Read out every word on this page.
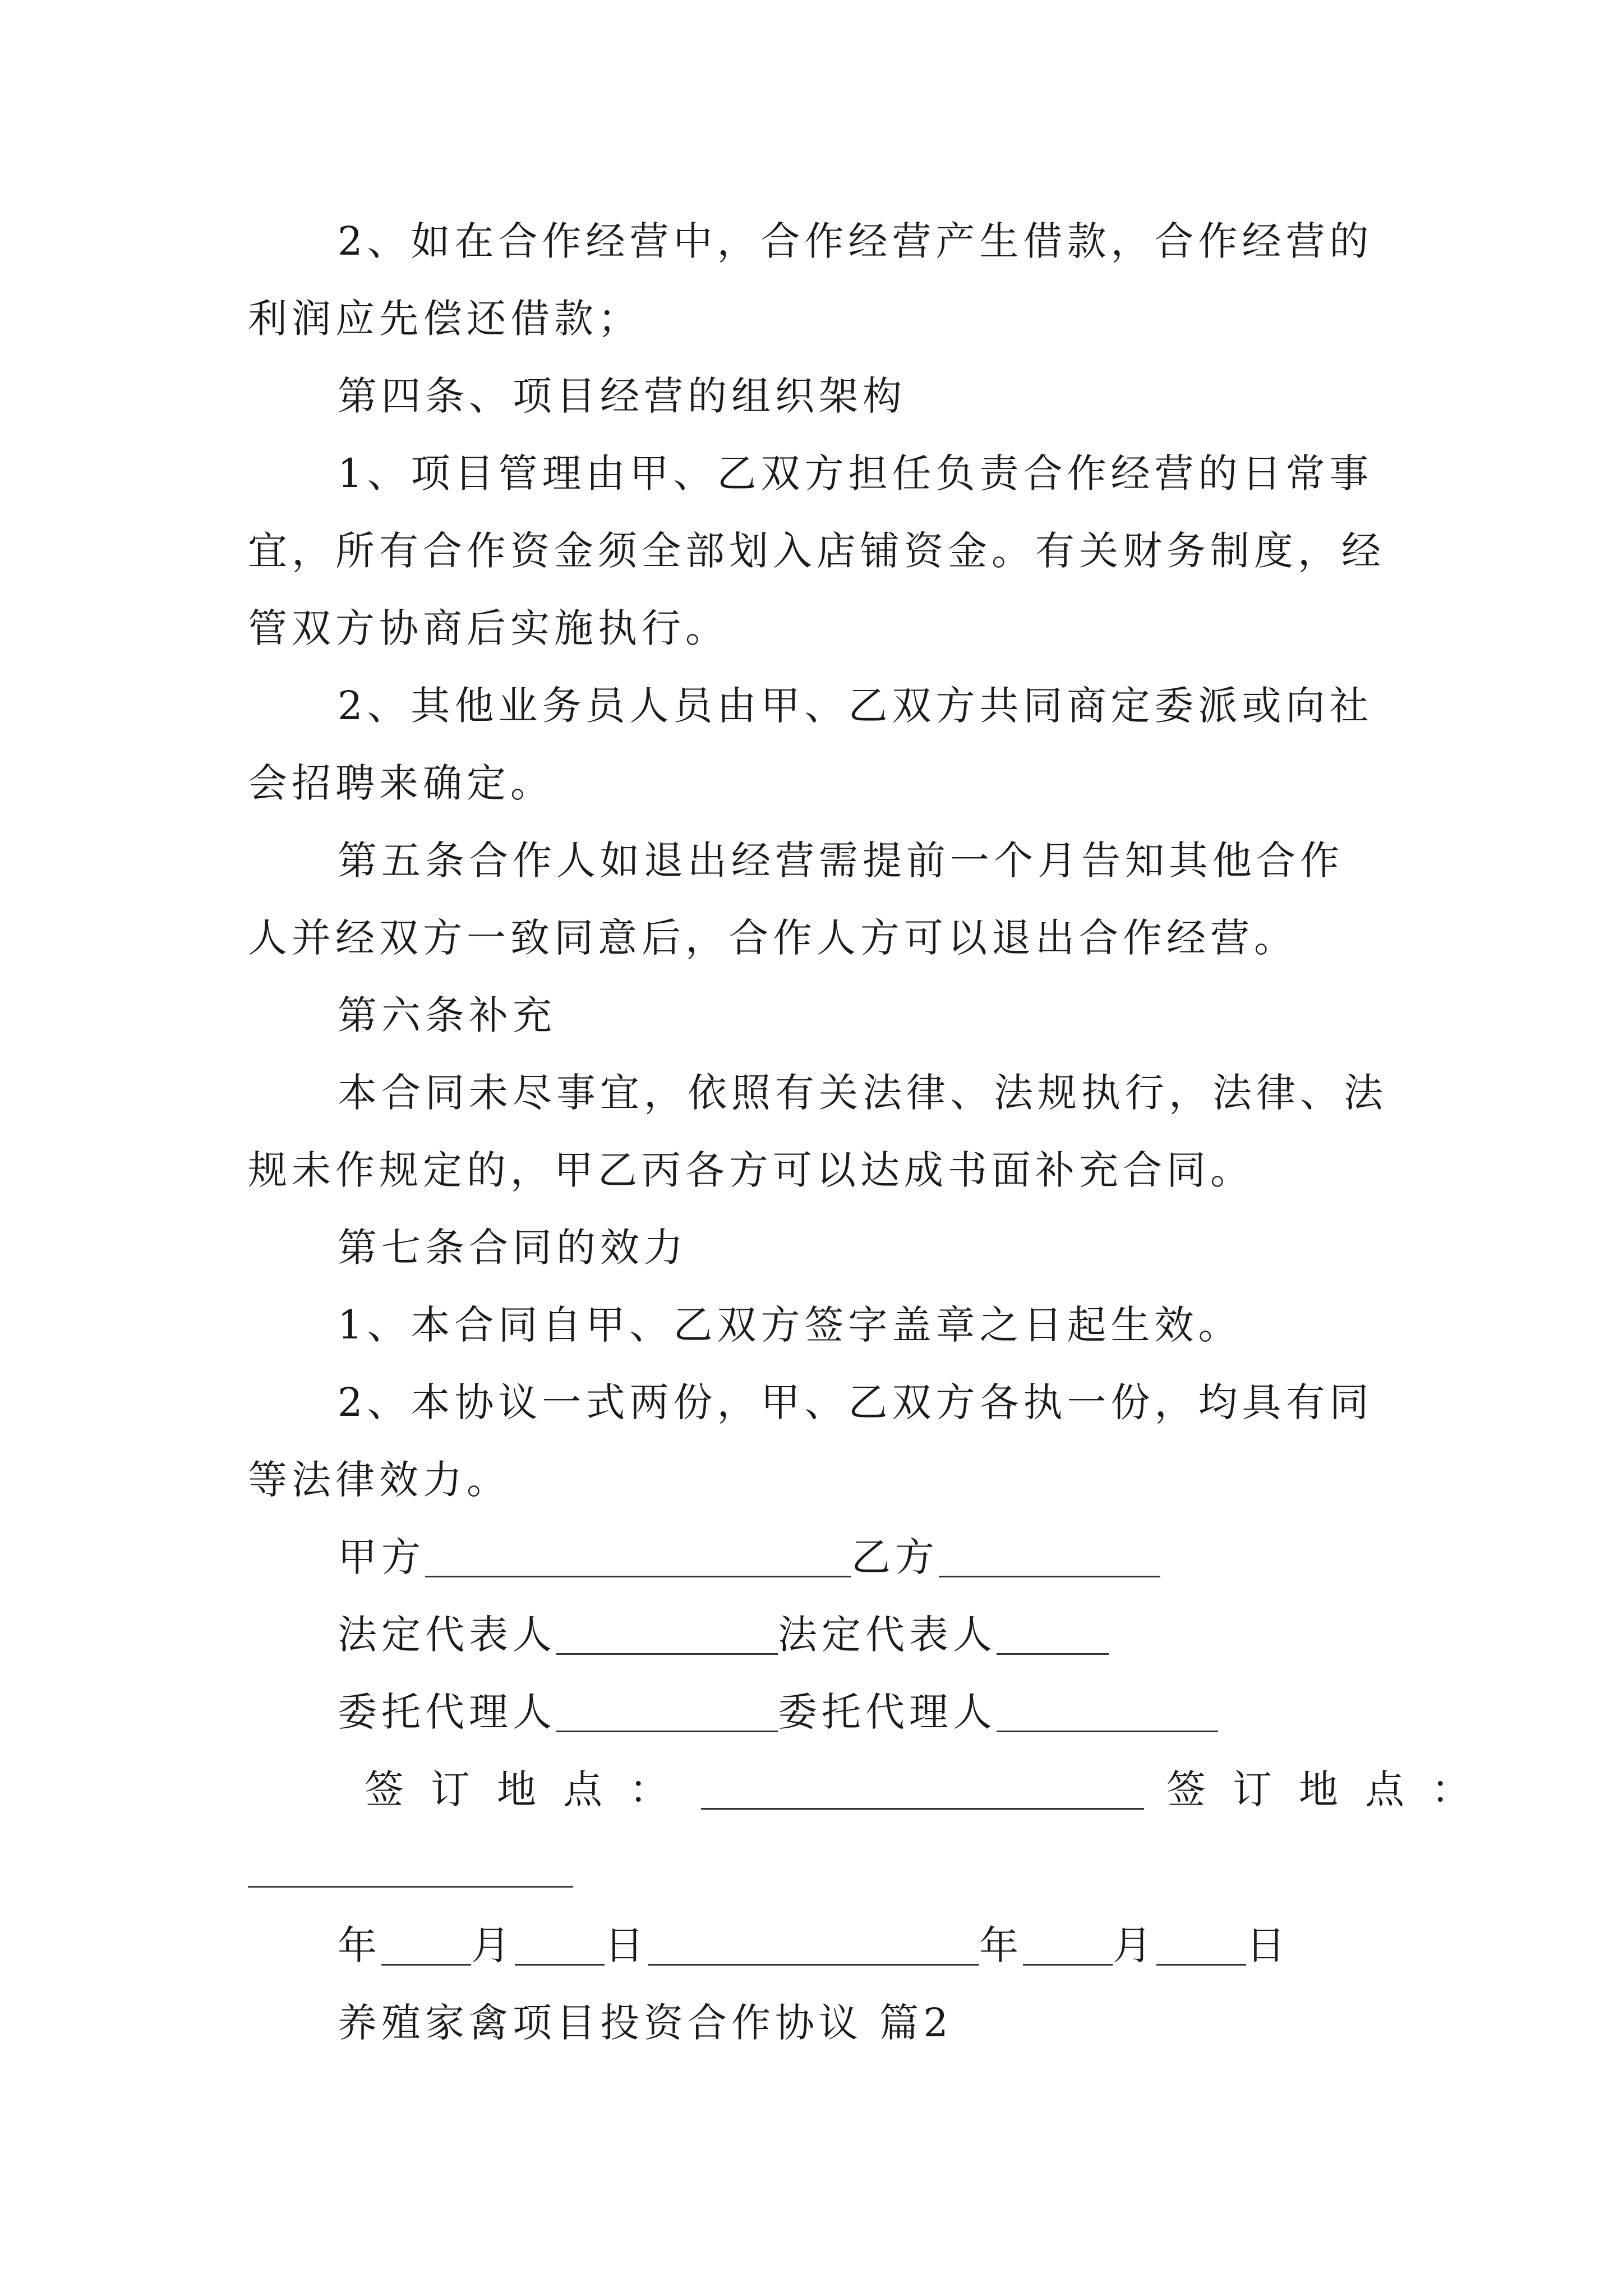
2、如在合作经营中，合作经营产生借款，合作经营的
利润应先偿还借款；
第四条、项目经营的组织架构
1、项目管理由甲、乙双方担任负责合作经营的日常事
宜，所有合作资金须全部划入店铺资金。有关财务制度，经
管双方协商后实施执行。
2、其他业务员人员由甲、乙双方共同商定委派或向社
会招聘来确定。
第五条合作人如退出经营需提前一个月告知其他合作
人并经双方一致同意后，合作人方可以退出合作经营。
第六条补充
本合同未尽事宜，依照有关法律、法规执行，法律、法
规未作规定的，甲乙丙各方可以达成书面补充合同。
第七条合同的效力
1、本合同自甲、乙双方签字盖章之日起生效。
2、本协议一式两份，甲、乙双方各执一份，均具有同
等法律效力。
甲方	乙方
法定代表人	法定代表人
委托代理人	委托代理人
签订地点：	签订地点：
年 月 日	年 月 日
养殖家禽项目投资合作协议 篇2
